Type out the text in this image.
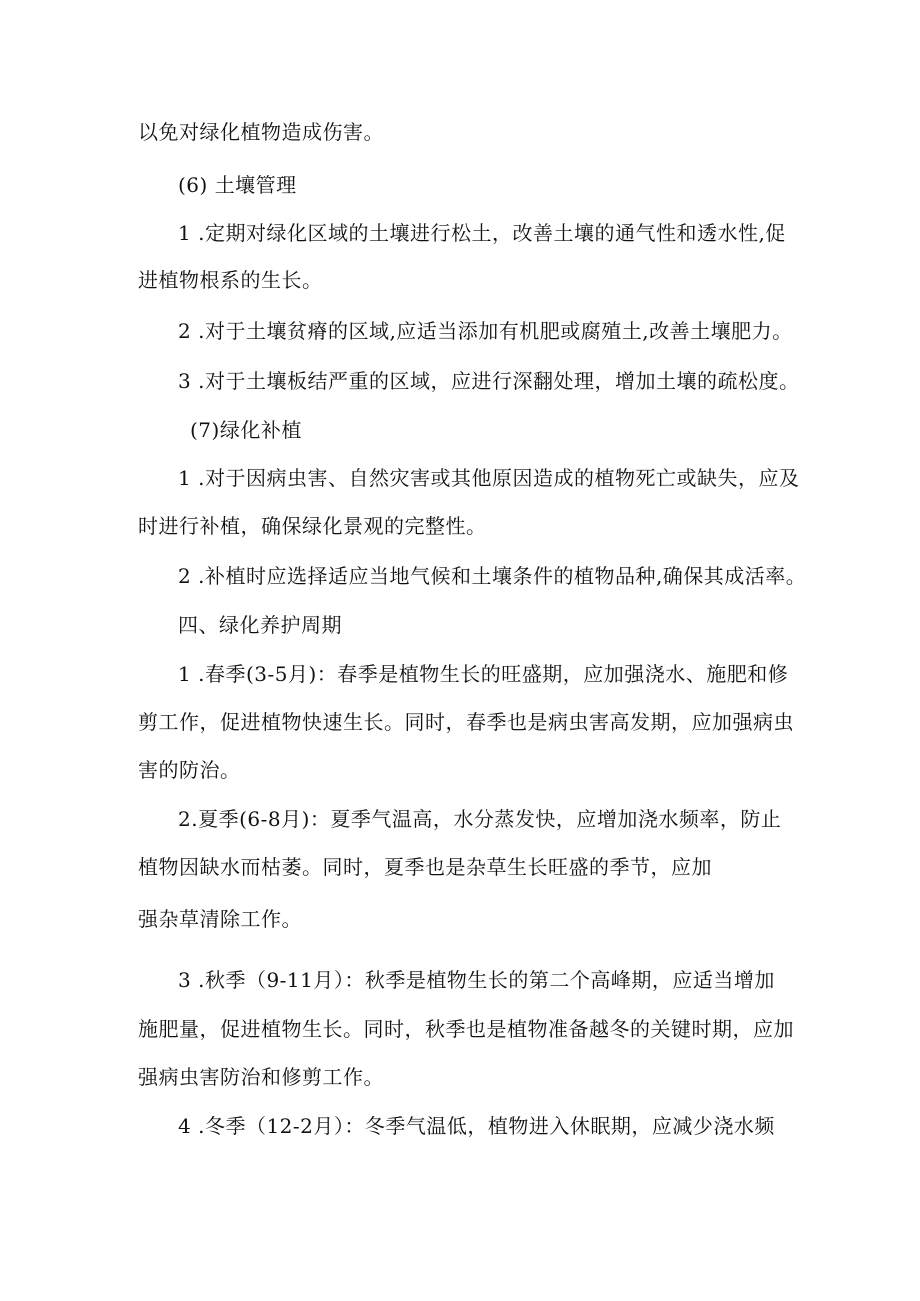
以免对绿化植物造成伤害。
(6) 土壤管理
1 .定期对绿化区域的土壤进行松土，改善土壤的通气性和透水性,促
进植物根系的生长。
2 .对于土壤贫瘠的区域,应适当添加有机肥或腐殖土,改善土壤肥力。
3 .对于土壤板结严重的区域，应进行深翻处理，增加土壤的疏松度。
(7)绿化补植
1 .对于因病虫害、自然灾害或其他原因造成的植物死亡或缺失，应及
时进行补植，确保绿化景观的完整性。
2 .补植时应选择适应当地气候和土壤条件的植物品种,确保其成活率。
四、绿化养护周期
1 .春季(3-5月)：春季是植物生长的旺盛期，应加强浇水、施肥和修
剪工作，促进植物快速生长。同时，春季也是病虫害高发期，应加强病虫
害的防治。
2.夏季(6-8月)：夏季气温高，水分蒸发快，应增加浇水频率，防止
植物因缺水而枯萎。同时，夏季也是杂草生长旺盛的季节，应加
强杂草清除工作。
3 .秋季（9-11月）：秋季是植物生长的第二个高峰期，应适当增加
施肥量，促进植物生长。同时，秋季也是植物准备越冬的关键时期，应加
强病虫害防治和修剪工作。
4 .冬季（12-2月）：冬季气温低，植物进入休眠期，应减少浇水频
